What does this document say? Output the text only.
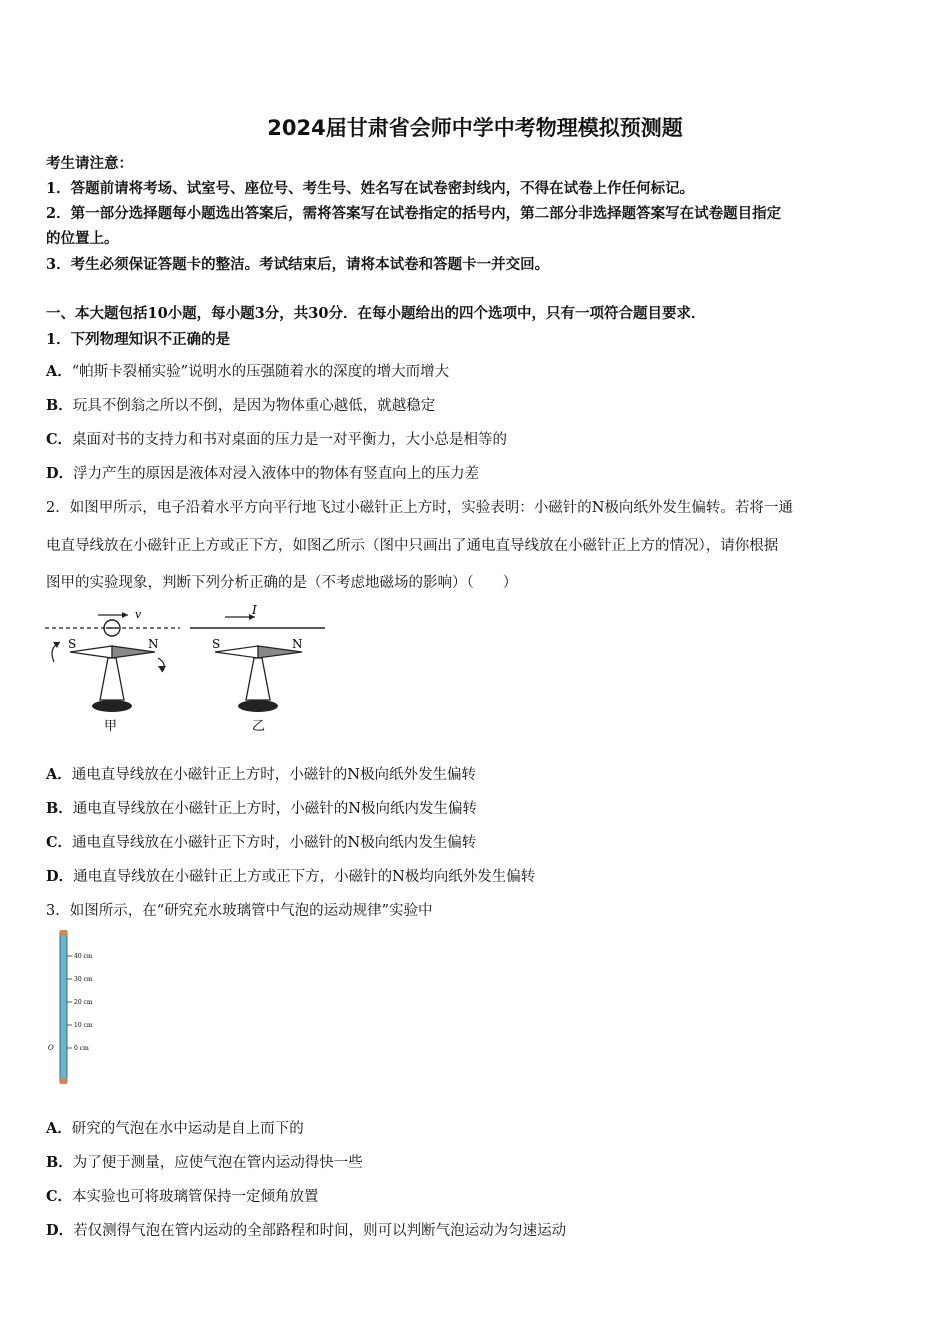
2024届甘肃省会师中学中考物理模拟预测题
考生请注意：
1．答题前请将考场、试室号、座位号、考生号、姓名写在试卷密封线内，不得在试卷上作任何标记。
2．第一部分选择题每小题选出答案后，需将答案写在试卷指定的括号内，第二部分非选择题答案写在试卷题目指定
的位置上。
3．考生必须保证答题卡的整洁。考试结束后，请将本试卷和答题卡一并交回。
一、本大题包括10小题，每小题3分，共30分．在每小题给出的四个选项中，只有一项符合题目要求．
1．下列物理知识不正确的是
A．“帕斯卡裂桶实验”说明水的压强随着水的深度的增大而增大
B．玩具不倒翁之所以不倒，是因为物体重心越低，就越稳定
C．桌面对书的支持力和书对桌面的压力是一对平衡力，大小总是相等的
D．浮力产生的原因是液体对浸入液体中的物体有竖直向上的压力差
2．如图甲所示，电子沿着水平方向平行地飞过小磁针正上方时，实验表明：小磁针的N极向纸外发生偏转。若将一通
电直导线放在小磁针正上方或正下方，如图乙所示（图中只画出了通电直导线放在小磁针正上方的情况），请你根据
图甲的实验现象，判断下列分析正确的是（不考虑地磁场的影响）（　　）
v
S	N
甲
I
S	N
乙
A．通电直导线放在小磁针正上方时，小磁针的N极向纸外发生偏转
B．通电直导线放在小磁针正上方时，小磁针的N极向纸内发生偏转
C．通电直导线放在小磁针正下方时，小磁针的N极向纸内发生偏转
D．通电直导线放在小磁针正上方或正下方，小磁针的N极均向纸外发生偏转
3．如图所示，在“研究充水玻璃管中气泡的运动规律”实验中
40 cm
30 cm
20 cm
10 cm
0 cm
O
A．研究的气泡在水中运动是自上而下的
B．为了便于测量，应使气泡在管内运动得快一些
C．本实验也可将玻璃管保持一定倾角放置
D．若仅测得气泡在管内运动的全部路程和时间，则可以判断气泡运动为匀速运动
